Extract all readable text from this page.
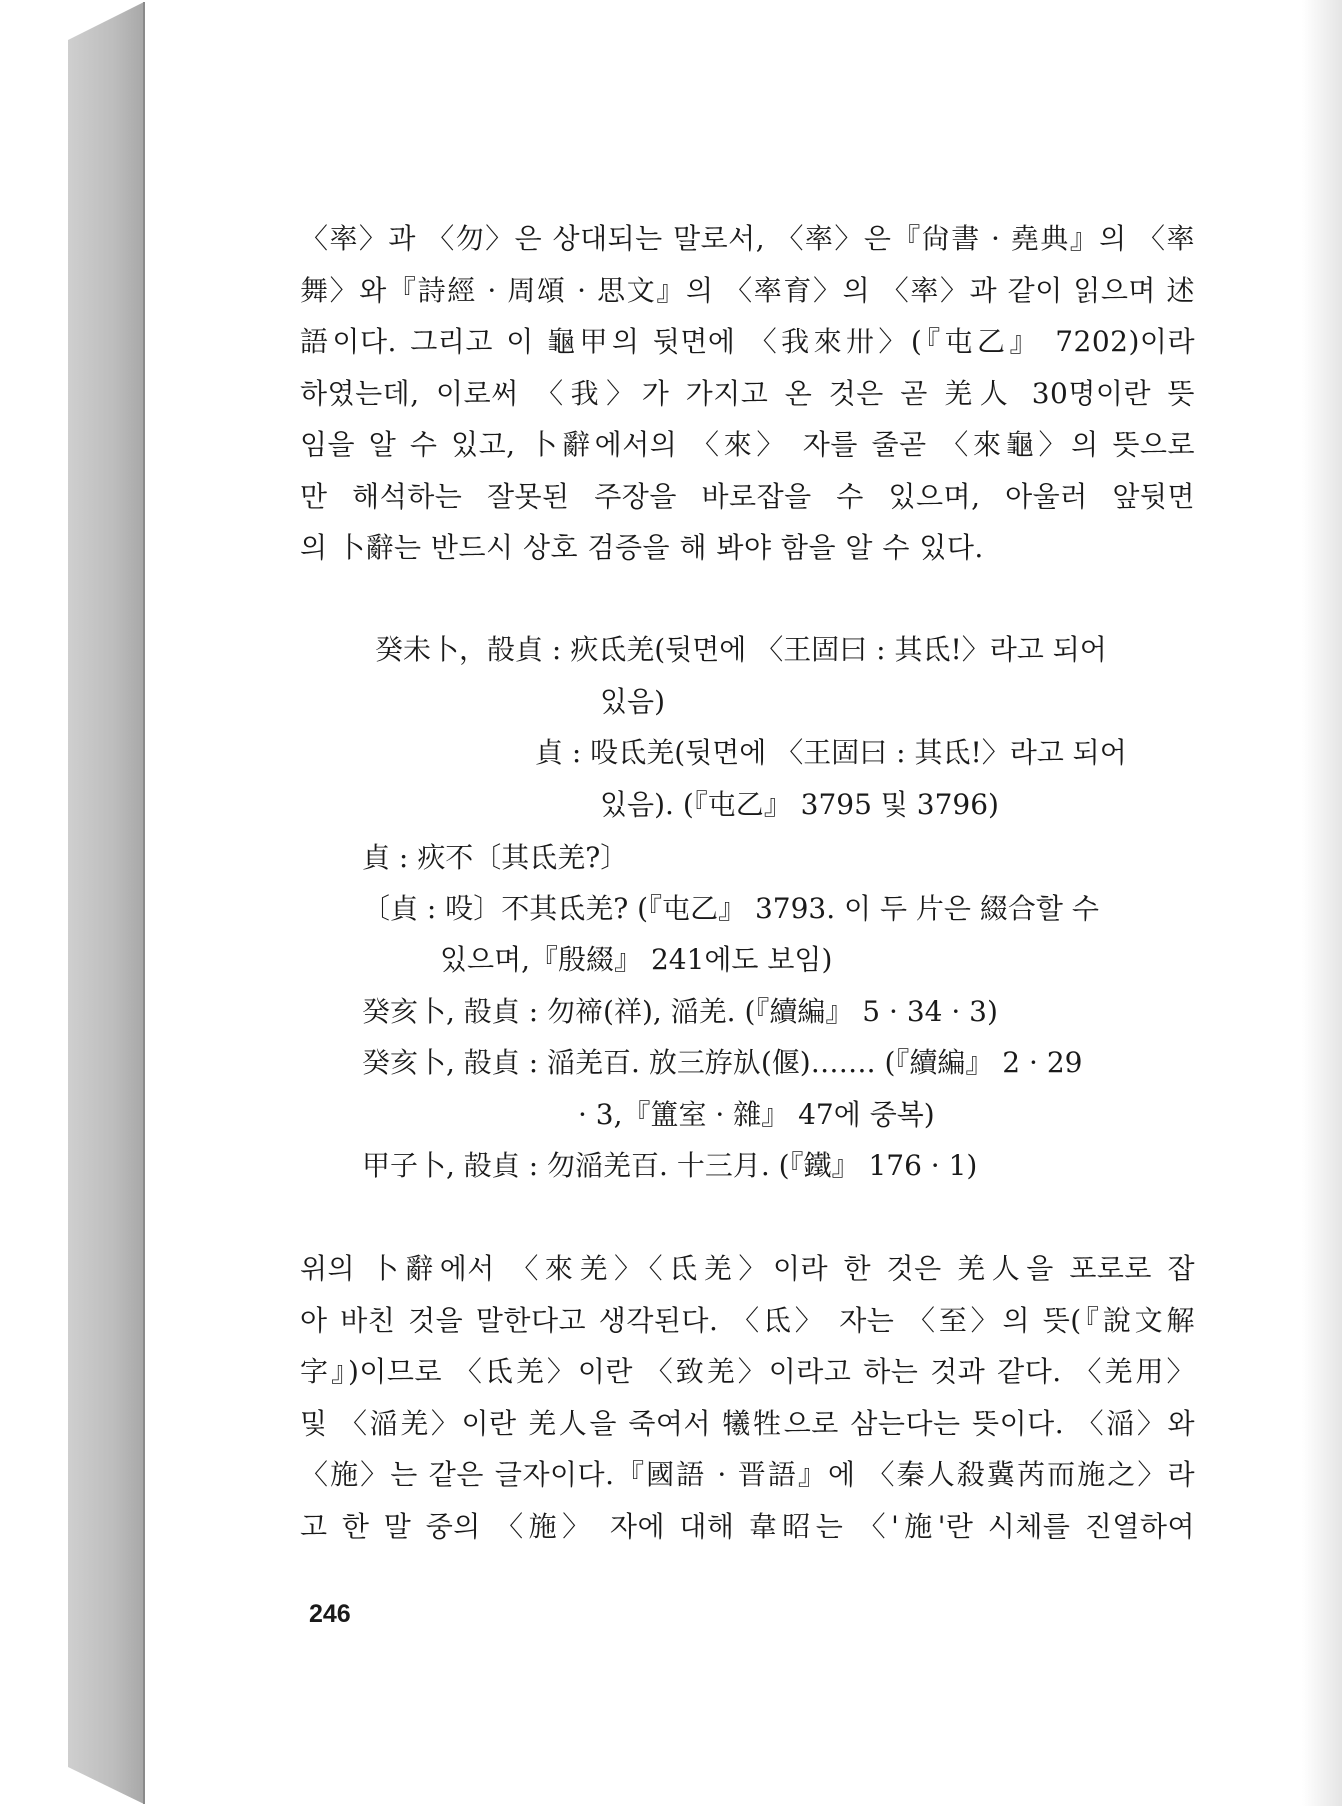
〈率〉과 〈勿〉은 상대되는 말로서, 〈率〉은『尙書 · 堯典』의 〈率
舞〉와『詩經 · 周頌 · 思文』의 〈率育〉의 〈率〉과 같이 읽으며 述
語이다. 그리고 이 龜甲의 뒷면에 〈我來卅〉(『屯乙』 7202)이라
하였는데, 이로써 〈我〉가 가지고 온 것은 곧 羌人 30명이란 뜻
임을 알 수 있고, 卜辭에서의 〈來〉 자를 줄곧 〈來龜〉의 뜻으로
만 해석하는 잘못된 주장을 바로잡을 수 있으며, 아울러 앞뒷면
의 卜辭는 반드시 상호 검증을 해 봐야 함을 알 수 있다.
癸未卜，㱿貞 : 疢氐羌(뒷면에 〈王固曰 : 其氐!〉라고 되어
있음)
貞 : 吺氐羌(뒷면에 〈王固曰 : 其氐!〉라고 되어
있음). (『屯乙』 3795 및 3796)
貞 : 疢不〔其氐羌?〕
〔貞 : 吺〕不其氐羌? (『屯乙』 3793. 이 두 片은 綴合할 수
있으며,『殷綴』 241에도 보임)
癸亥卜, 㱿貞 : 勿禘(祥), 㴞羌. (『續編』 5 · 34 · 3)
癸亥卜, 㱿貞 : 㴞羌百. 放三斿㫃(偃)……. (『續編』 2 · 29
· 3,『簠室 · 雜』 47에 중복)
甲子卜, 㱿貞 : 勿㴞羌百. 十三月. (『鐵』 176 · 1)
위의 卜辭에서 〈來羌〉〈氐羌〉이라 한 것은 羌人을 포로로 잡
아 바친 것을 말한다고 생각된다. 〈氐〉 자는 〈至〉의 뜻(『說文解
字』)이므로 〈氐羌〉이란 〈致羌〉이라고 하는 것과 같다. 〈羌用〉
및 〈㴞羌〉이란 羌人을 죽여서 犧牲으로 삼는다는 뜻이다. 〈㴞〉와
〈施〉는 같은 글자이다.『國語 · 晋語』에 〈秦人殺冀芮而施之〉라
고 한 말 중의 〈施〉 자에 대해 韋昭는 〈'施'란 시체를 진열하여
246
